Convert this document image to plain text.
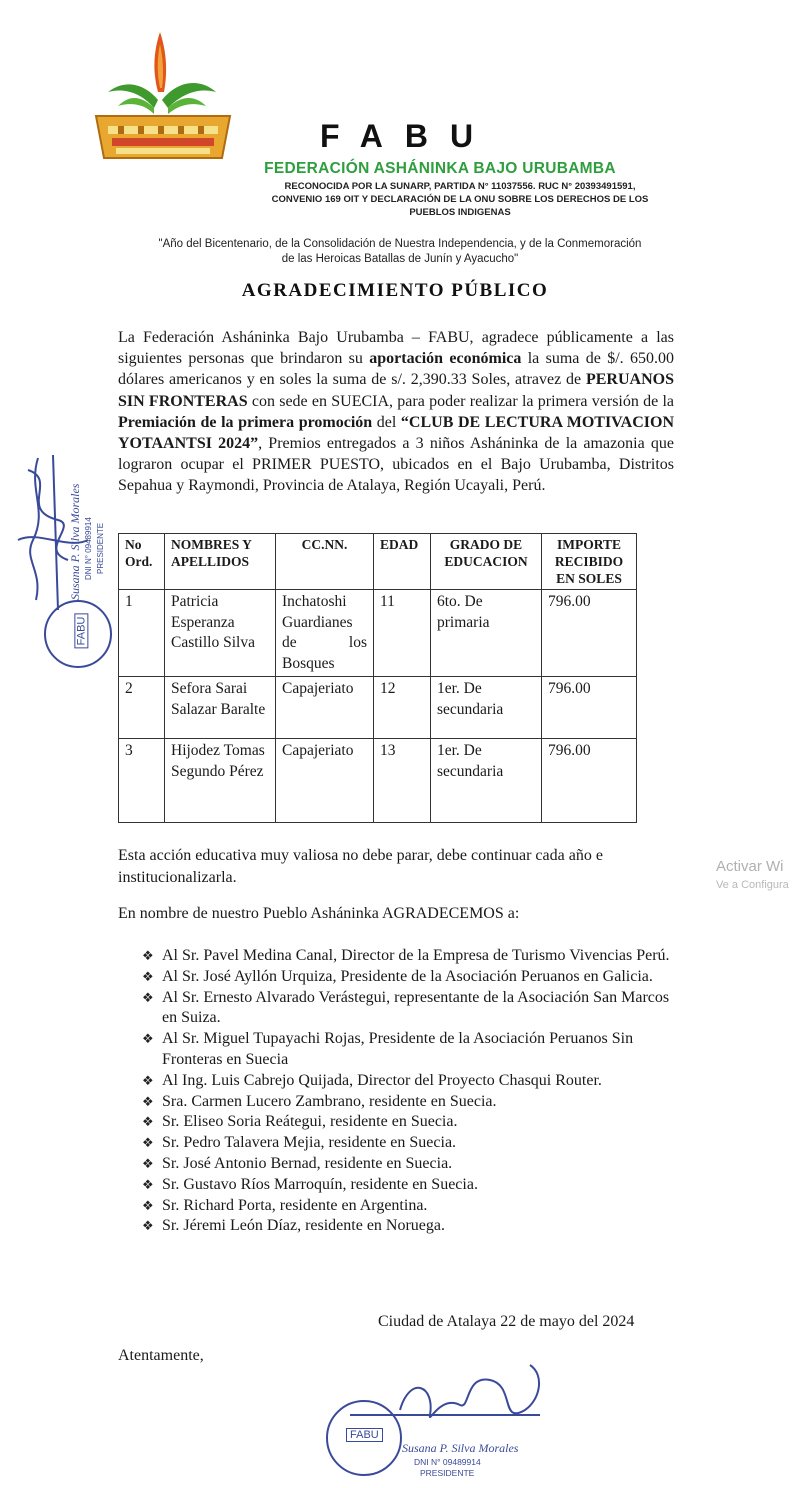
FABU
FEDERACIÓN ASHÁNINKA BAJO URUBAMBA
RECONOCIDA POR LA SUNARP, PARTIDA N° 11037556. RUC N° 20393491591,
CONVENIO 169 OIT Y DECLARACIÓN DE LA ONU SOBRE LOS DERECHOS DE LOS
PUEBLOS INDIGENAS
"Año del Bicentenario, de la Consolidación de Nuestra Independencia, y de la Conmemoración
de las Heroicas Batallas de Junín y Ayacucho"
AGRADECIMIENTO PÚBLICO
La Federación Asháninka Bajo Urubamba – FABU, agradece públicamente a las siguientes personas que brindaron su aportación económica la suma de $/. 650.00 dólares americanos y en soles la suma de s/. 2,390.33 Soles, atravez de PERUANOS SIN FRONTERAS con sede en SUECIA, para poder realizar la primera versión de la Premiación de la primera promoción del “CLUB DE LECTURA MOTIVACION YOTAANTSI 2024”, Premios entregados a 3 niños Asháninka de la amazonia que lograron ocupar el PRIMER PUESTO, ubicados en el Bajo Urubamba, Distritos Sepahua y Raymondi, Provincia de Atalaya, Región Ucayali, Perú.
No Ord.	NOMBRES Y APELLIDOS	CC.NN.	EDAD	GRADO DE EDUCACION	IMPORTE RECIBIDO EN SOLES
1	Patricia Esperanza Castillo Silva	Inchatoshi Guardianes de los Bosques	11	6to. De primaria	796.00
2	Sefora Sarai Salazar Baralte	Capajeriato	12	1er. De secundaria	796.00
3	Hijodez Tomas Segundo Pérez	Capajeriato	13	1er. De secundaria	796.00
Esta acción educativa muy valiosa no debe parar, debe continuar cada año e institucionalizarla.
En nombre de nuestro Pueblo Asháninka AGRADECEMOS a:
❖ Al Sr. Pavel Medina Canal, Director de la Empresa de Turismo Vivencias Perú.
❖ Al Sr. José Ayllón Urquiza, Presidente de la Asociación Peruanos en Galicia.
❖ Al Sr. Ernesto Alvarado Verástegui, representante de la Asociación San Marcos en Suiza.
❖ Al Sr. Miguel Tupayachi Rojas, Presidente de la Asociación Peruanos Sin Fronteras en Suecia
❖ Al Ing. Luis Cabrejo Quijada, Director del Proyecto Chasqui Router.
❖ Sra. Carmen Lucero Zambrano, residente en Suecia.
❖ Sr. Eliseo Soria Reátegui, residente en Suecia.
❖ Sr. Pedro Talavera Mejia, residente en Suecia.
❖ Sr. José Antonio Bernad, residente en Suecia.
❖ Sr. Gustavo Ríos Marroquín, residente en Suecia.
❖ Sr. Richard Porta, residente en Argentina.
❖ Sr. Jéremi León Díaz, residente en Noruega.
Ciudad de Atalaya 22 de mayo del 2024
Atentamente,
Activar Wi
Ve a Configura
Susana P. Silva Morales DNI N° 09489914 PRESIDENTE
FABU
FABU
Susana P. Silva Morales
DNI N° 09489914
PRESIDENTE
